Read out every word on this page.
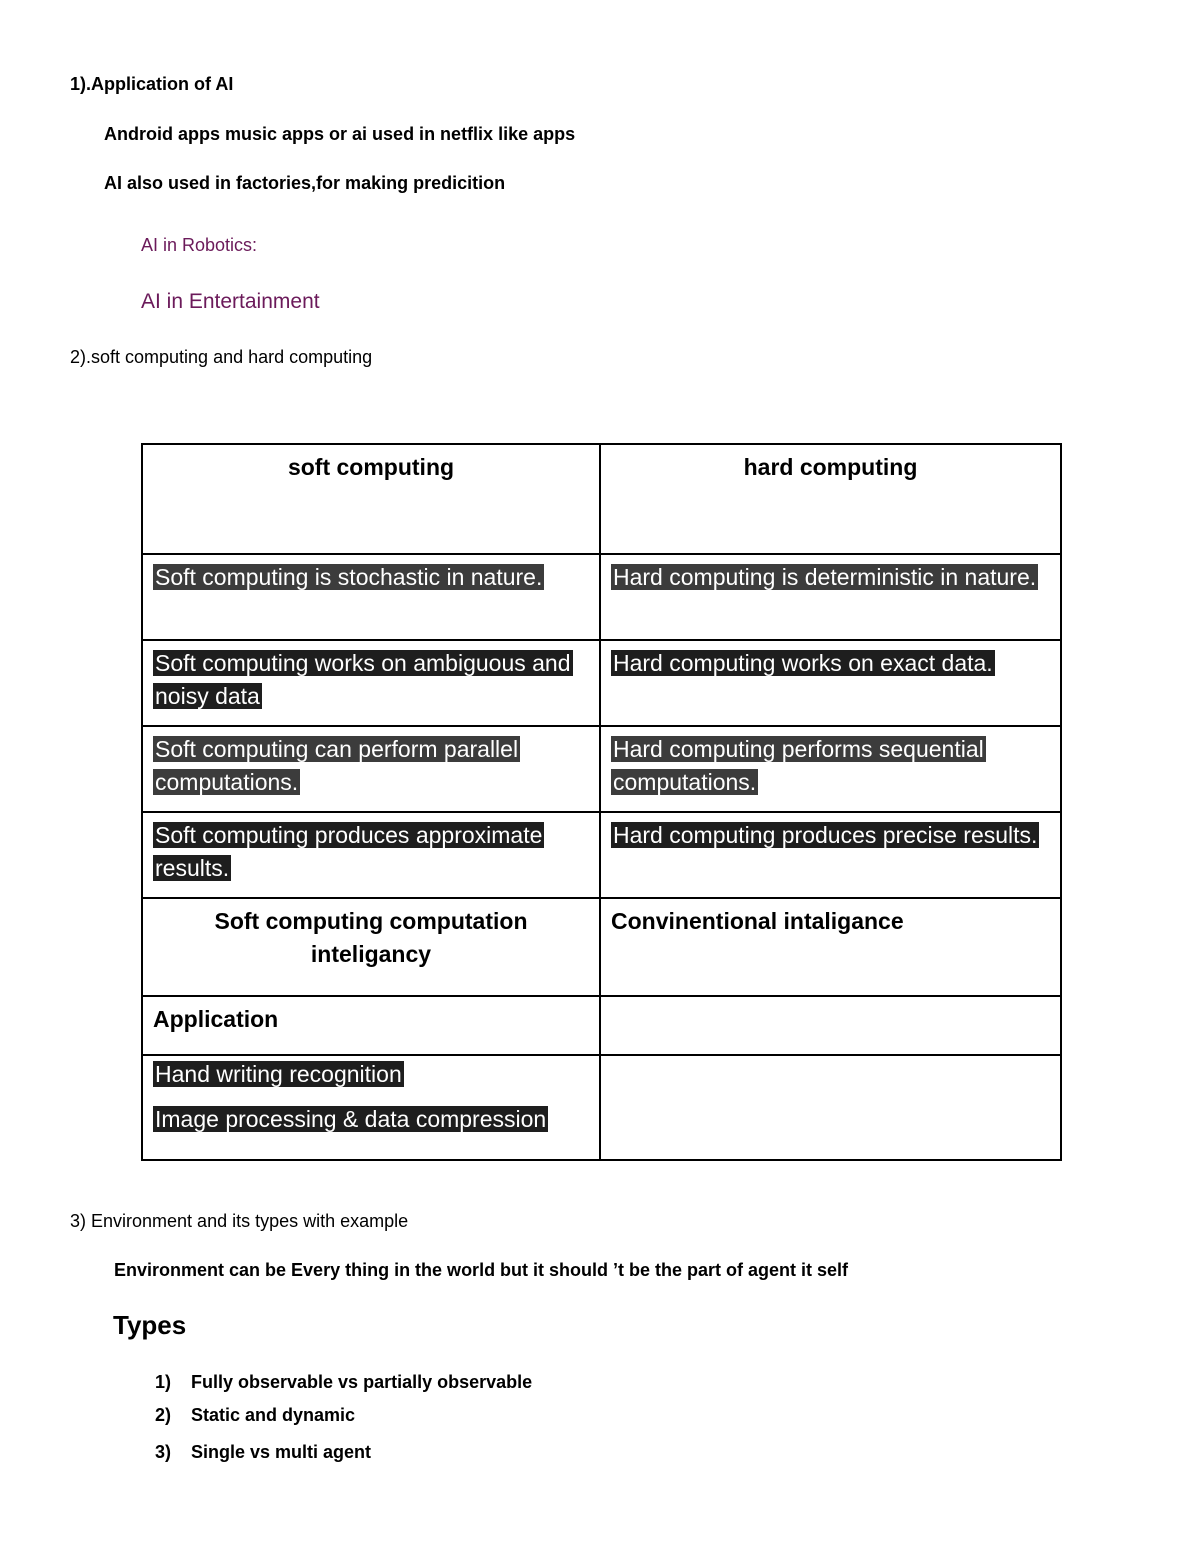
1).Application of AI
Android apps music apps or ai used in netflix like apps
AI also used in factories,for making predicition
AI in Robotics:
AI in Entertainment
2).soft computing and hard computing
soft computing	hard computing
Soft computing is stochastic in nature.	Hard computing is deterministic in nature.
Soft computing works on ambiguous and noisy data	Hard computing works on exact data.
Soft computing can perform parallel computations.	Hard computing performs sequential computations.
Soft computing produces approximate results.	Hard computing produces precise results.
Soft computing computation inteligancy	Convinentional intaligance
Application	

Hand writing recognition
Image processing & data compression	

3) Environment and its types with example
Environment can be Every thing in the world but it should ’t be the part of agent it self
Types
1) Fully observable vs partially observable
2) Static and dynamic
3) Single vs multi agent
